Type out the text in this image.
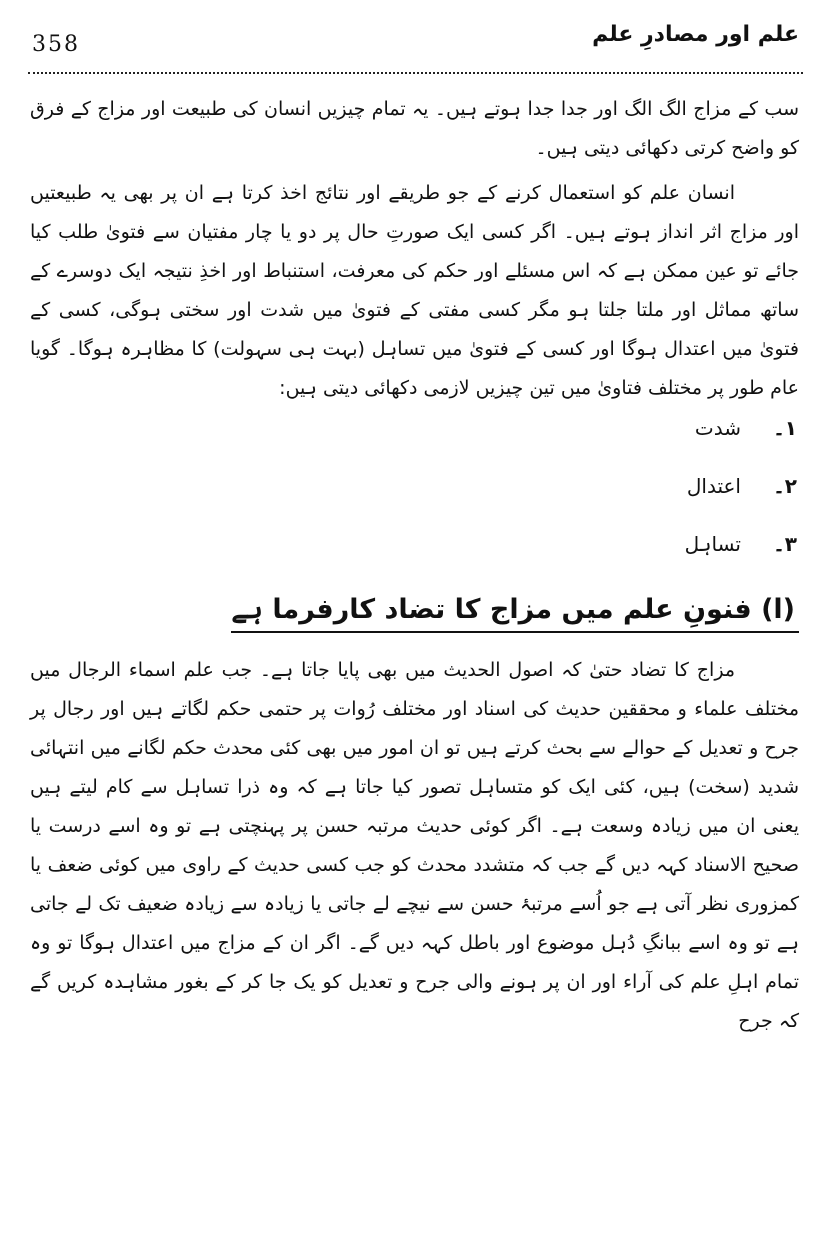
علم اور مصادرِ علم
358

سب کے مزاج الگ الگ اور جدا جدا ہوتے ہیں۔ یہ تمام چیزیں انسان کی طبیعت اور مزاج کے فرق کو واضح کرتی دکھائی دیتی ہیں۔

انسان علم کو استعمال کرنے کے جو طریقے اور نتائج اخذ کرتا ہے ان پر بھی یہ طبیعتیں اور مزاج اثر انداز ہوتے ہیں۔ اگر کسی ایک صورتِ حال پر دو یا چار مفتیان سے فتویٰ طلب کیا جائے تو عین ممکن ہے کہ اس مسئلے اور حکم کی معرفت، استنباط اور اخذِ نتیجہ ایک دوسرے کے ساتھ مماثل اور ملتا جلتا ہو مگر کسی مفتی کے فتویٰ میں شدت اور سختی ہوگی، کسی کے فتویٰ میں اعتدال ہوگا اور کسی کے فتویٰ میں تساہل (بہت ہی سہولت) کا مظاہرہ ہوگا۔ گویا عام طور پر مختلف فتاویٰ میں تین چیزیں لازمی دکھائی دیتی ہیں:

۱۔
شدت
۲۔
اعتدال
۳۔
تساہل
(ا) فنونِ علم میں مزاج کا تضاد کارفرما ہے

مزاج کا تضاد حتیٰ کہ اصول الحدیث میں بھی پایا جاتا ہے۔ جب علم اسماء الرجال میں مختلف علماء و محققین حدیث کی اسناد اور مختلف رُوات پر حتمی حکم لگاتے ہیں اور رجال پر جرح و تعدیل کے حوالے سے بحث کرتے ہیں تو ان امور میں بھی کئی محدث حکم لگانے میں انتہائی شدید (سخت) ہیں، کئی ایک کو متساہل تصور کیا جاتا ہے کہ وہ ذرا تساہل سے کام لیتے ہیں یعنی ان میں زیادہ وسعت ہے۔ اگر کوئی حدیث مرتبہ حسن پر پہنچتی ہے تو وہ اسے درست یا صحیح الاسناد کہہ دیں گے جب کہ متشدد محدث کو جب کسی حدیث کے راوی میں کوئی ضعف یا کمزوری نظر آتی ہے جو اُسے مرتبۂ حسن سے نیچے لے جاتی یا زیادہ سے زیادہ ضعیف تک لے جاتی ہے تو وہ اسے ببانگِ دُہل موضوع اور باطل کہہ دیں گے۔ اگر ان کے مزاج میں اعتدال ہوگا تو وہ تمام اہلِ علم کی آراء اور ان پر ہونے والی جرح و تعدیل کو یک جا کر کے بغور مشاہدہ کریں گے کہ جرح
